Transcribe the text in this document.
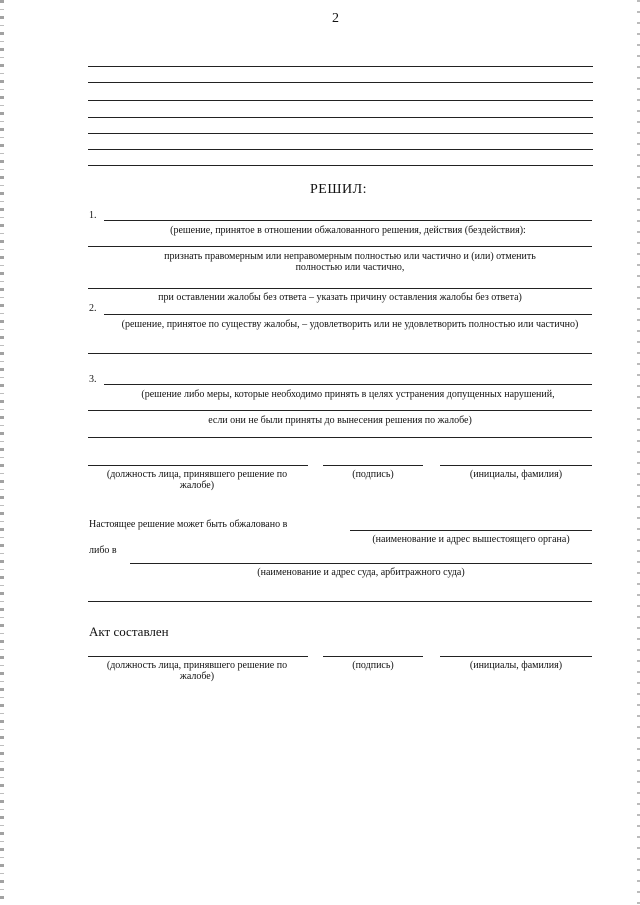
2
РЕШИЛ:
1.
(решение, принятое в отношении обжалованного решения, действия (бездействия):
признать правомерным или неправомерным полностью или частично и (или) отменить полностью или частично,
при оставлении жалобы без ответа – указать причину оставления жалобы без ответа)
2.
(решение, принятое по существу жалобы, – удовлетворить или не удовлетворить полностью или частично)
3.
(решение либо меры, которые необходимо принять в целях устранения допущенных нарушений,
если они не были приняты до вынесения решения по жалобе)
(должность лица, принявшего решение по жалобе)
(подпись)	(инициалы, фамилия)
Настоящее решение может быть обжаловано в
(наименование и адрес вышестоящего органа)
либо в
(наименование и адрес суда, арбитражного суда)
Акт составлен
(должность лица, принявшего решение по жалобе)
(подпись)	(инициалы, фамилия)
